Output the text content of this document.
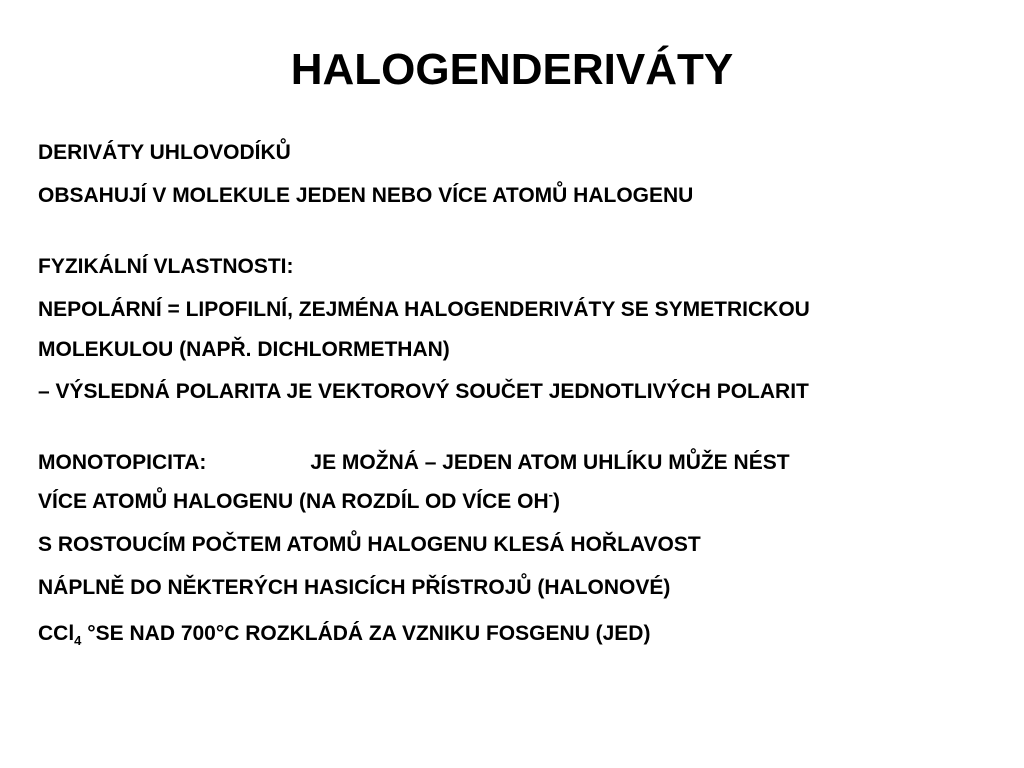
HALOGENDERIVÁTY
DERIVÁTY UHLOVODÍKŮ
OBSAHUJÍ V MOLEKULE JEDEN NEBO VÍCE ATOMŮ HALOGENU
FYZIKÁLNÍ VLASTNOSTI:
NEPOLÁRNÍ = LIPOFILNÍ, ZEJMÉNA HALOGENDERIVÁTY SE SYMETRICKOU
MOLEKULOU (NAPŘ. DICHLORMETHAN)
– VÝSLEDNÁ POLARITA JE VEKTOROVÝ SOUČET JEDNOTLIVÝCH POLARIT
MONOTOPICITA:	JE MOŽNÁ – JEDEN ATOM UHLÍKU MŮŽE NÉST
VÍCE ATOMŮ HALOGENU (NA ROZDÍL OD VÍCE OH-)
S ROSTOUCÍM POČTEM ATOMŮ HALOGENU KLESÁ HOŘLAVOST
NÁPLNĚ DO NĚKTERÝCH HASICÍCH PŘÍSTROJŮ (HALONOVÉ)
CCl$_4$ °SE NAD 700°C ROZKLÁDÁ ZA VZNIKU FOSGENU (JED)
